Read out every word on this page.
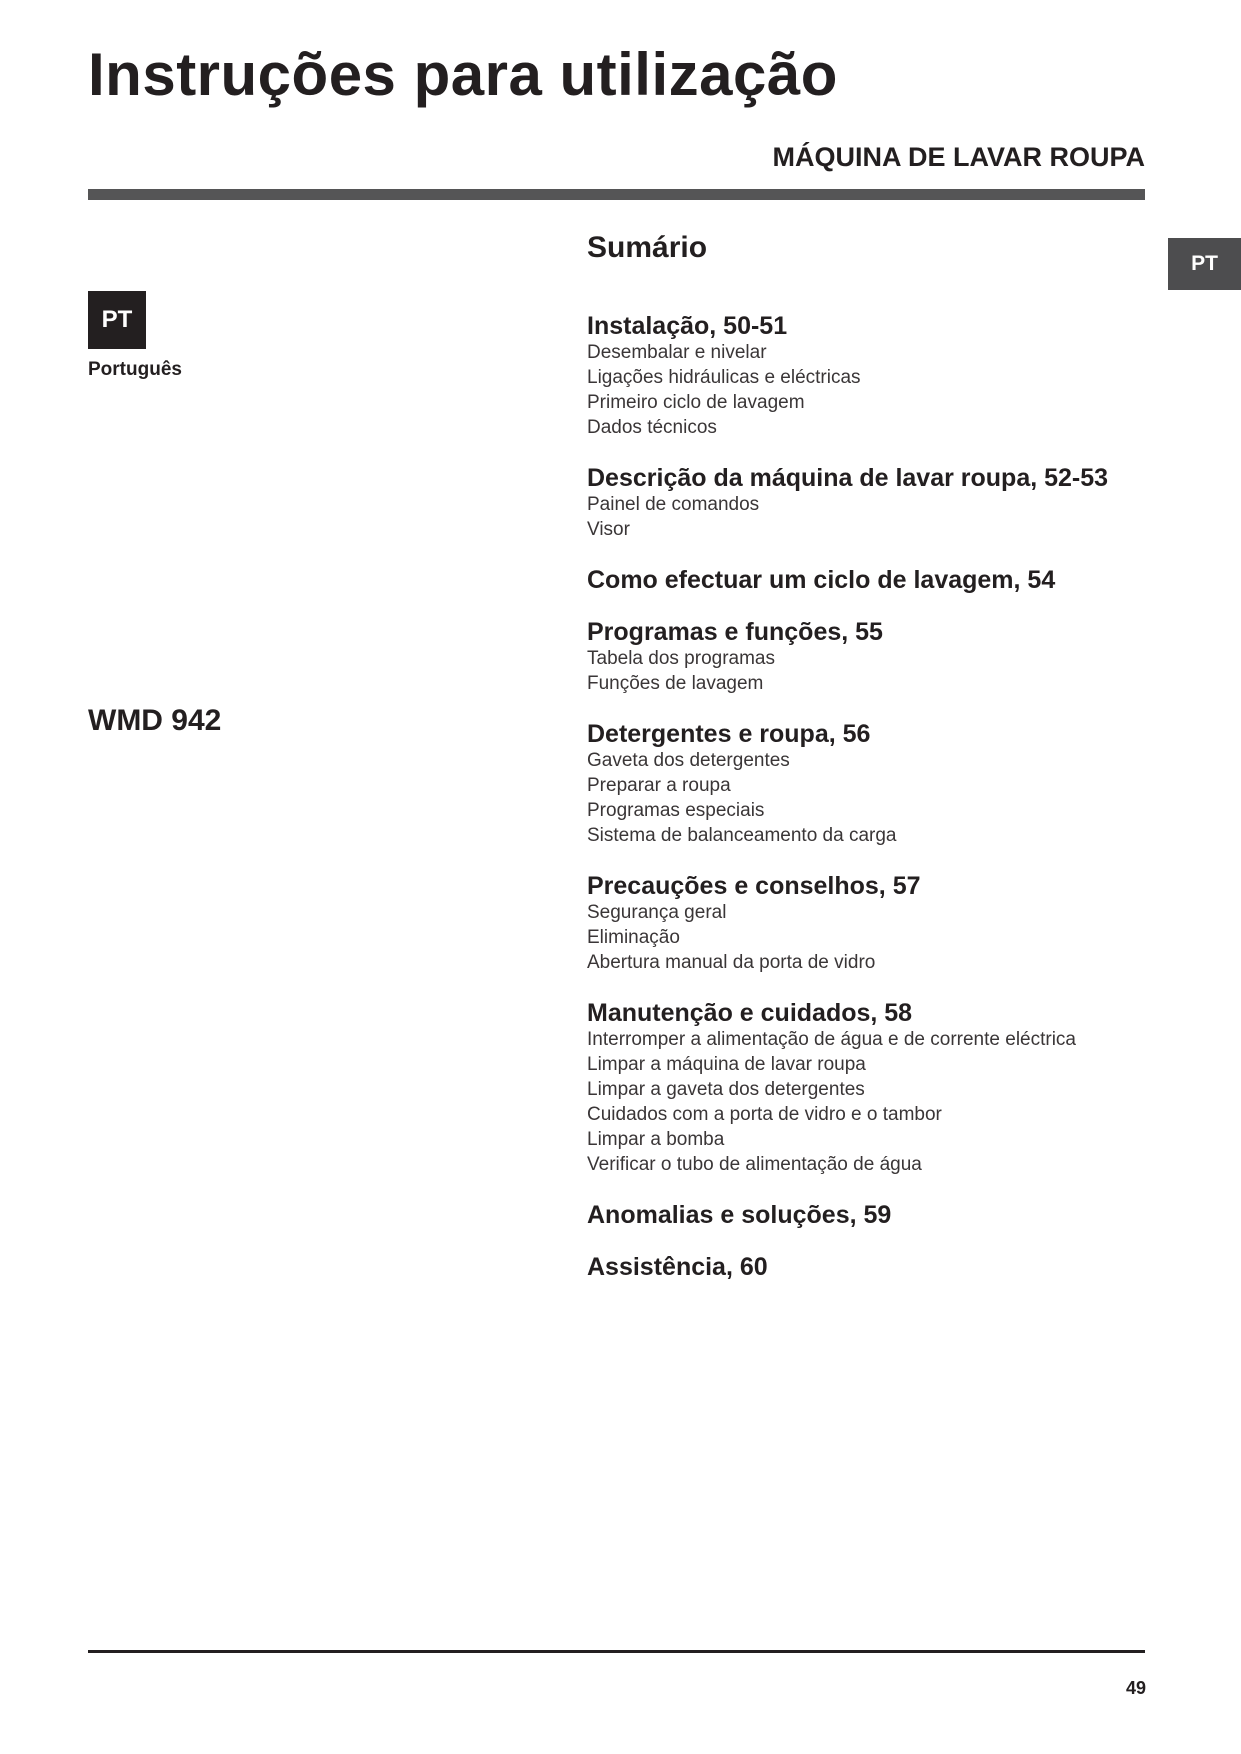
Instruções para utilização
MÁQUINA DE LAVAR ROUPA
PT
PT
Português
WMD 942
Sumário
Instalação, 50-51
Desembalar e nivelar
Ligações hidráulicas e eléctricas
Primeiro ciclo de lavagem
Dados técnicos
Descrição da máquina de lavar roupa, 52-53
Painel de comandos
Visor
Como efectuar um ciclo de lavagem, 54
Programas e funções, 55
Tabela dos programas
Funções de lavagem
Detergentes e roupa, 56
Gaveta dos detergentes
Preparar a roupa
Programas especiais
Sistema de balanceamento da carga
Precauções e conselhos, 57
Segurança geral
Eliminação
Abertura manual da porta de vidro
Manutenção e cuidados, 58
Interromper a alimentação de água e de corrente eléctrica
Limpar a máquina de lavar roupa
Limpar a gaveta dos detergentes
Cuidados com a porta de vidro e o tambor
Limpar a bomba
Verificar o tubo de alimentação de água
Anomalias e soluções, 59
Assistência, 60
49
